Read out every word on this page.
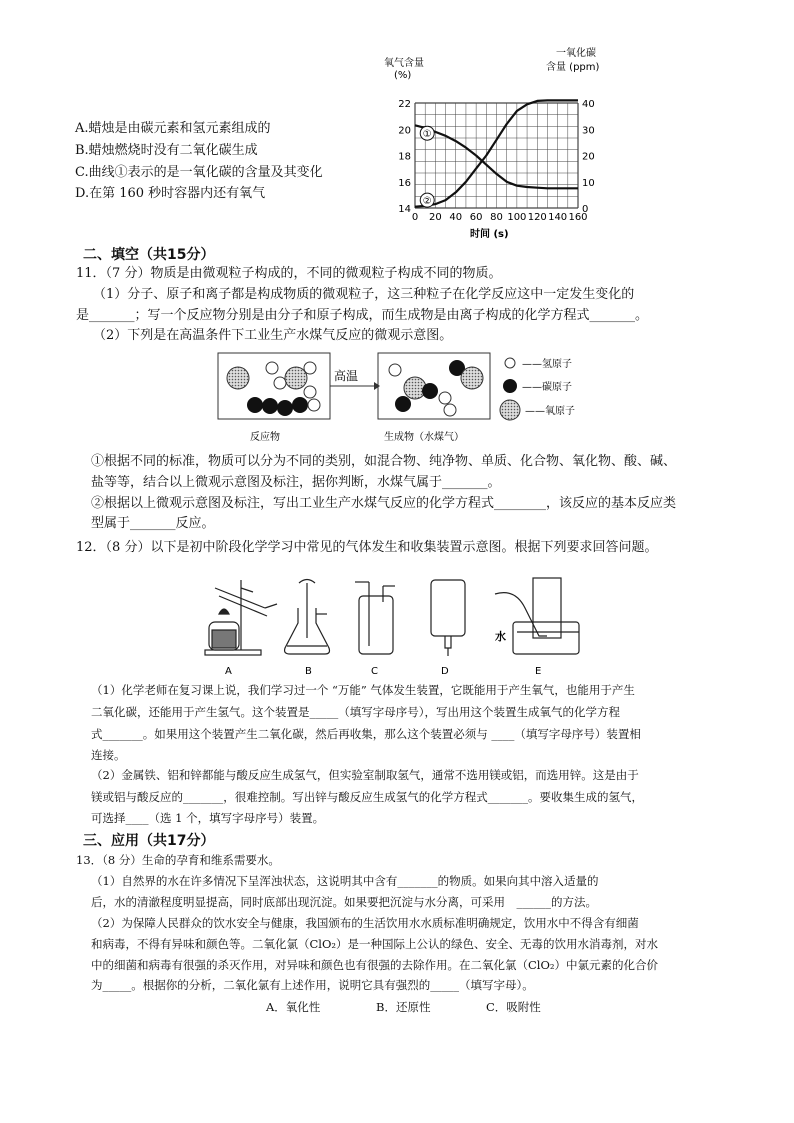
A.蜡烛是由碳元素和氢元素组成的
B.蜡烛燃烧时没有二氧化碳生成
C.曲线①表示的是一氧化碳的含量及其变化
D.在第 160 秒时容器内还有氧气
氧气含量
(%)
一氧化碳
含量 (ppm)
0 20 40 60 80 100 120 140 160
14
16
18
20
22
0
10
20
30
40
①
②
时间 (s)
二、填空（共15分）
11．（7 分）物质是由微观粒子构成的，不同的微观粒子构成不同的物质。
（1）分子、原子和离子都是构成物质的微观粒子，这三种粒子在化学反应这中一定发生变化的
是_______；写一个反应物分别是由分子和原子构成，而生成物是由离子构成的化学方程式_______。
（2）下列是在高温条件下工业生产水煤气反应的微观示意图。
高温
——氢原子
——碳原子
——氧原子
反应物	生成物（水煤气）
①根据不同的标准，物质可以分为不同的类别，如混合物、纯净物、单质、化合物、氧化物、酸、碱、
盐等等，结合以上微观示意图及标注，据你判断，水煤气属于_______。
②根据以上微观示意图及标注，写出工业生产水煤气反应的化学方程式________，该反应的基本反应类
型属于_______反应。
12．（8 分）以下是初中阶段化学学习中常见的气体发生和收集装置示意图。根据下列要求回答问题。
A	B	C	D	E
水
（1）化学老师在复习课上说，我们学习过一个 “万能” 气体发生装置，它既能用于产生氧气，也能用于产生
二氧化碳，还能用于产生氢气。这个装置是_____（填写字母序号），写出用这个装置生成氧气的化学方程
式_______。如果用这个装置产生二氧化碳，然后再收集，那么这个装置必须与 ____（填写字母序号）装置相
连接。
（2）金属铁、铝和锌都能与酸反应生成氢气，但实验室制取氢气，通常不选用镁或铝，而选用锌。这是由于
镁或铝与酸反应的_______，很难控制。写出锌与酸反应生成氢气的化学方程式_______。要收集生成的氢气，
可选择____（选 1 个，填写字母序号）装置。
三、应用（共17分）
13．（8 分）生命的孕育和维系需要水。
（1）自然界的水在许多情况下呈浑浊状态，这说明其中含有_______的物质。如果向其中溶入适量的
后，水的清澈程度明显提高，同时底部出现沉淀。如果要把沉淀与水分离，可采用　______的方法。
（2）为保障人民群众的饮水安全与健康，我国颁布的生活饮用水水质标准明确规定，饮用水中不得含有细菌
和病毒，不得有异味和颜色等。二氧化氯（ClO₂）是一种国际上公认的绿色、安全、无毒的饮用水消毒剂，对水
中的细菌和病毒有很强的杀灭作用，对异味和颜色也有很强的去除作用。在二氧化氯（ClO₂）中氯元素的化合价
为_____。根据你的分析，二氧化氯有上述作用，说明它具有强烈的_____（填写字母）。
A．氧化性	B．还原性	C．吸附性
